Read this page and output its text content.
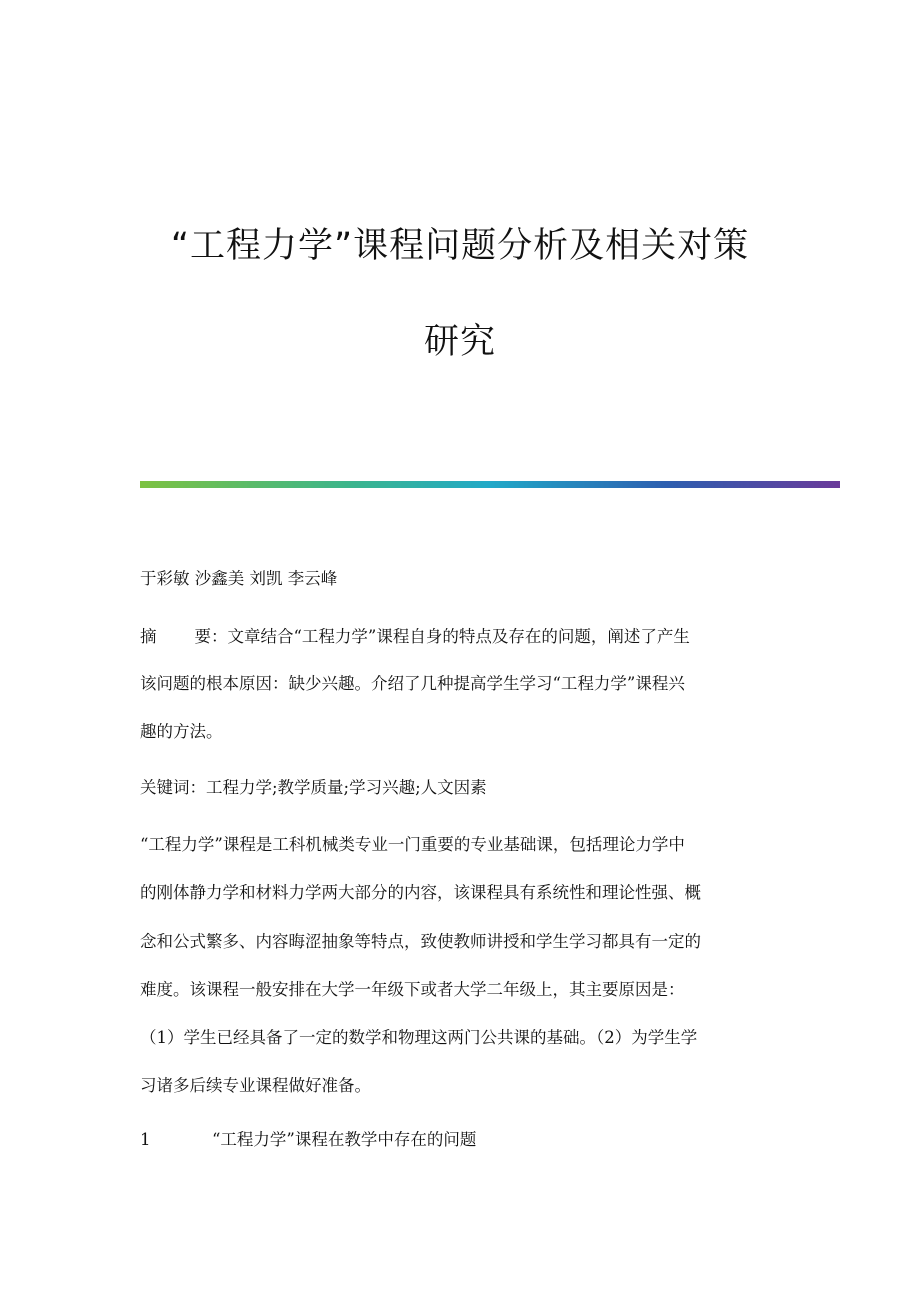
“工程力学”课程问题分析及相关对策
研究
于彩敏 沙鑫美 刘凯 李云峰
摘 要：文章结合“工程力学”课程自身的特点及存在的问题，阐述了产生
该问题的根本原因：缺少兴趣。介绍了几种提高学生学习“工程力学”课程兴
趣的方法。
关键词：工程力学;教学质量;学习兴趣;人文因素
“工程力学”课程是工科机械类专业一门重要的专业基础课，包括理论力学中
的刚体静力学和材料力学两大部分的内容，该课程具有系统性和理论性强、概
念和公式繁多、内容晦涩抽象等特点，致使教师讲授和学生学习都具有一定的
难度。该课程一般安排在大学一年级下或者大学二年级上，其主要原因是：
（1）学生已经具备了一定的数学和物理这两门公共课的基础。（2）为学生学
习诸多后续专业课程做好准备。
1	“工程力学”课程在教学中存在的问题
